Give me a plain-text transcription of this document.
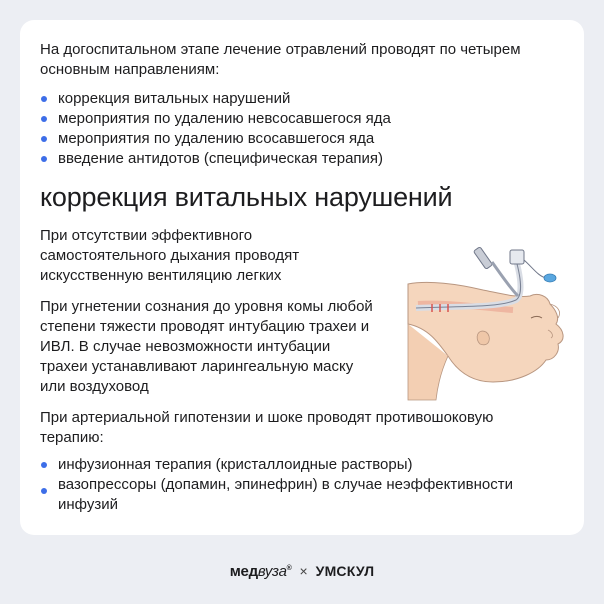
На догоспитальном этапе лечение отравлений проводят по четырем основным направлениям:

коррекция витальных нарушений
мероприятия по удалению невсосавшегося яда
мероприятия по удалению всосавшегося яда
введение антидотов (специфическая терапия)
коррекция витальных нарушений

При отсутствии эффективного самостоятельного дыхания проводят искусственную вентиляцию легких

При угнетении сознания до уровня комы любой степени тяжести проводят интубацию трахеи и ИВЛ. В случае невозможности интубации трахеи устанавливают ларингеальную маску или воздуховод

При артериальной гипотензии и шоке проводят противошоковую терапию:

инфузионная терапия (кристаллоидные растворы)
вазопрессоры (допамин, эпинефрин) в случае неэффективности инфузий
медвуза® × УМСКУЛ
